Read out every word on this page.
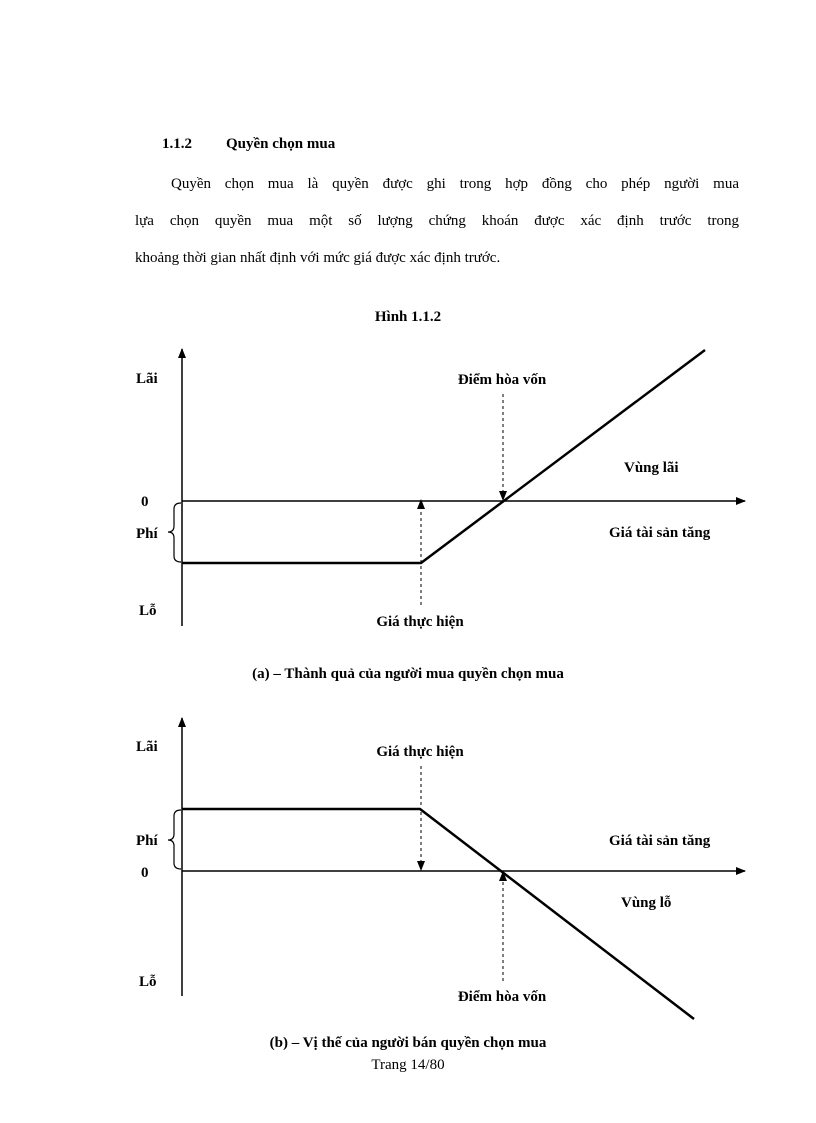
1.1.2 Quyền chọn mua
Quyền chọn mua là quyền được ghi trong hợp đồng cho phép người mua
lựa chọn quyền mua một số lượng chứng khoán được xác định trước trong
khoảng thời gian nhất định với mức giá được xác định trước.
Hình 1.1.2
Lãi
0
Phí
Lỗ
Điểm hòa vốn
Vùng lãi
Giá tài sản tăng
Giá thực hiện
(a) – Thành quả của người mua quyền chọn mua
Lãi
Phí
0
Lỗ
Giá thực hiện
Giá tài sản tăng
Vùng lỗ
Điểm hòa vốn
(b) – Vị thế của người bán quyền chọn mua
Trang 14/80
